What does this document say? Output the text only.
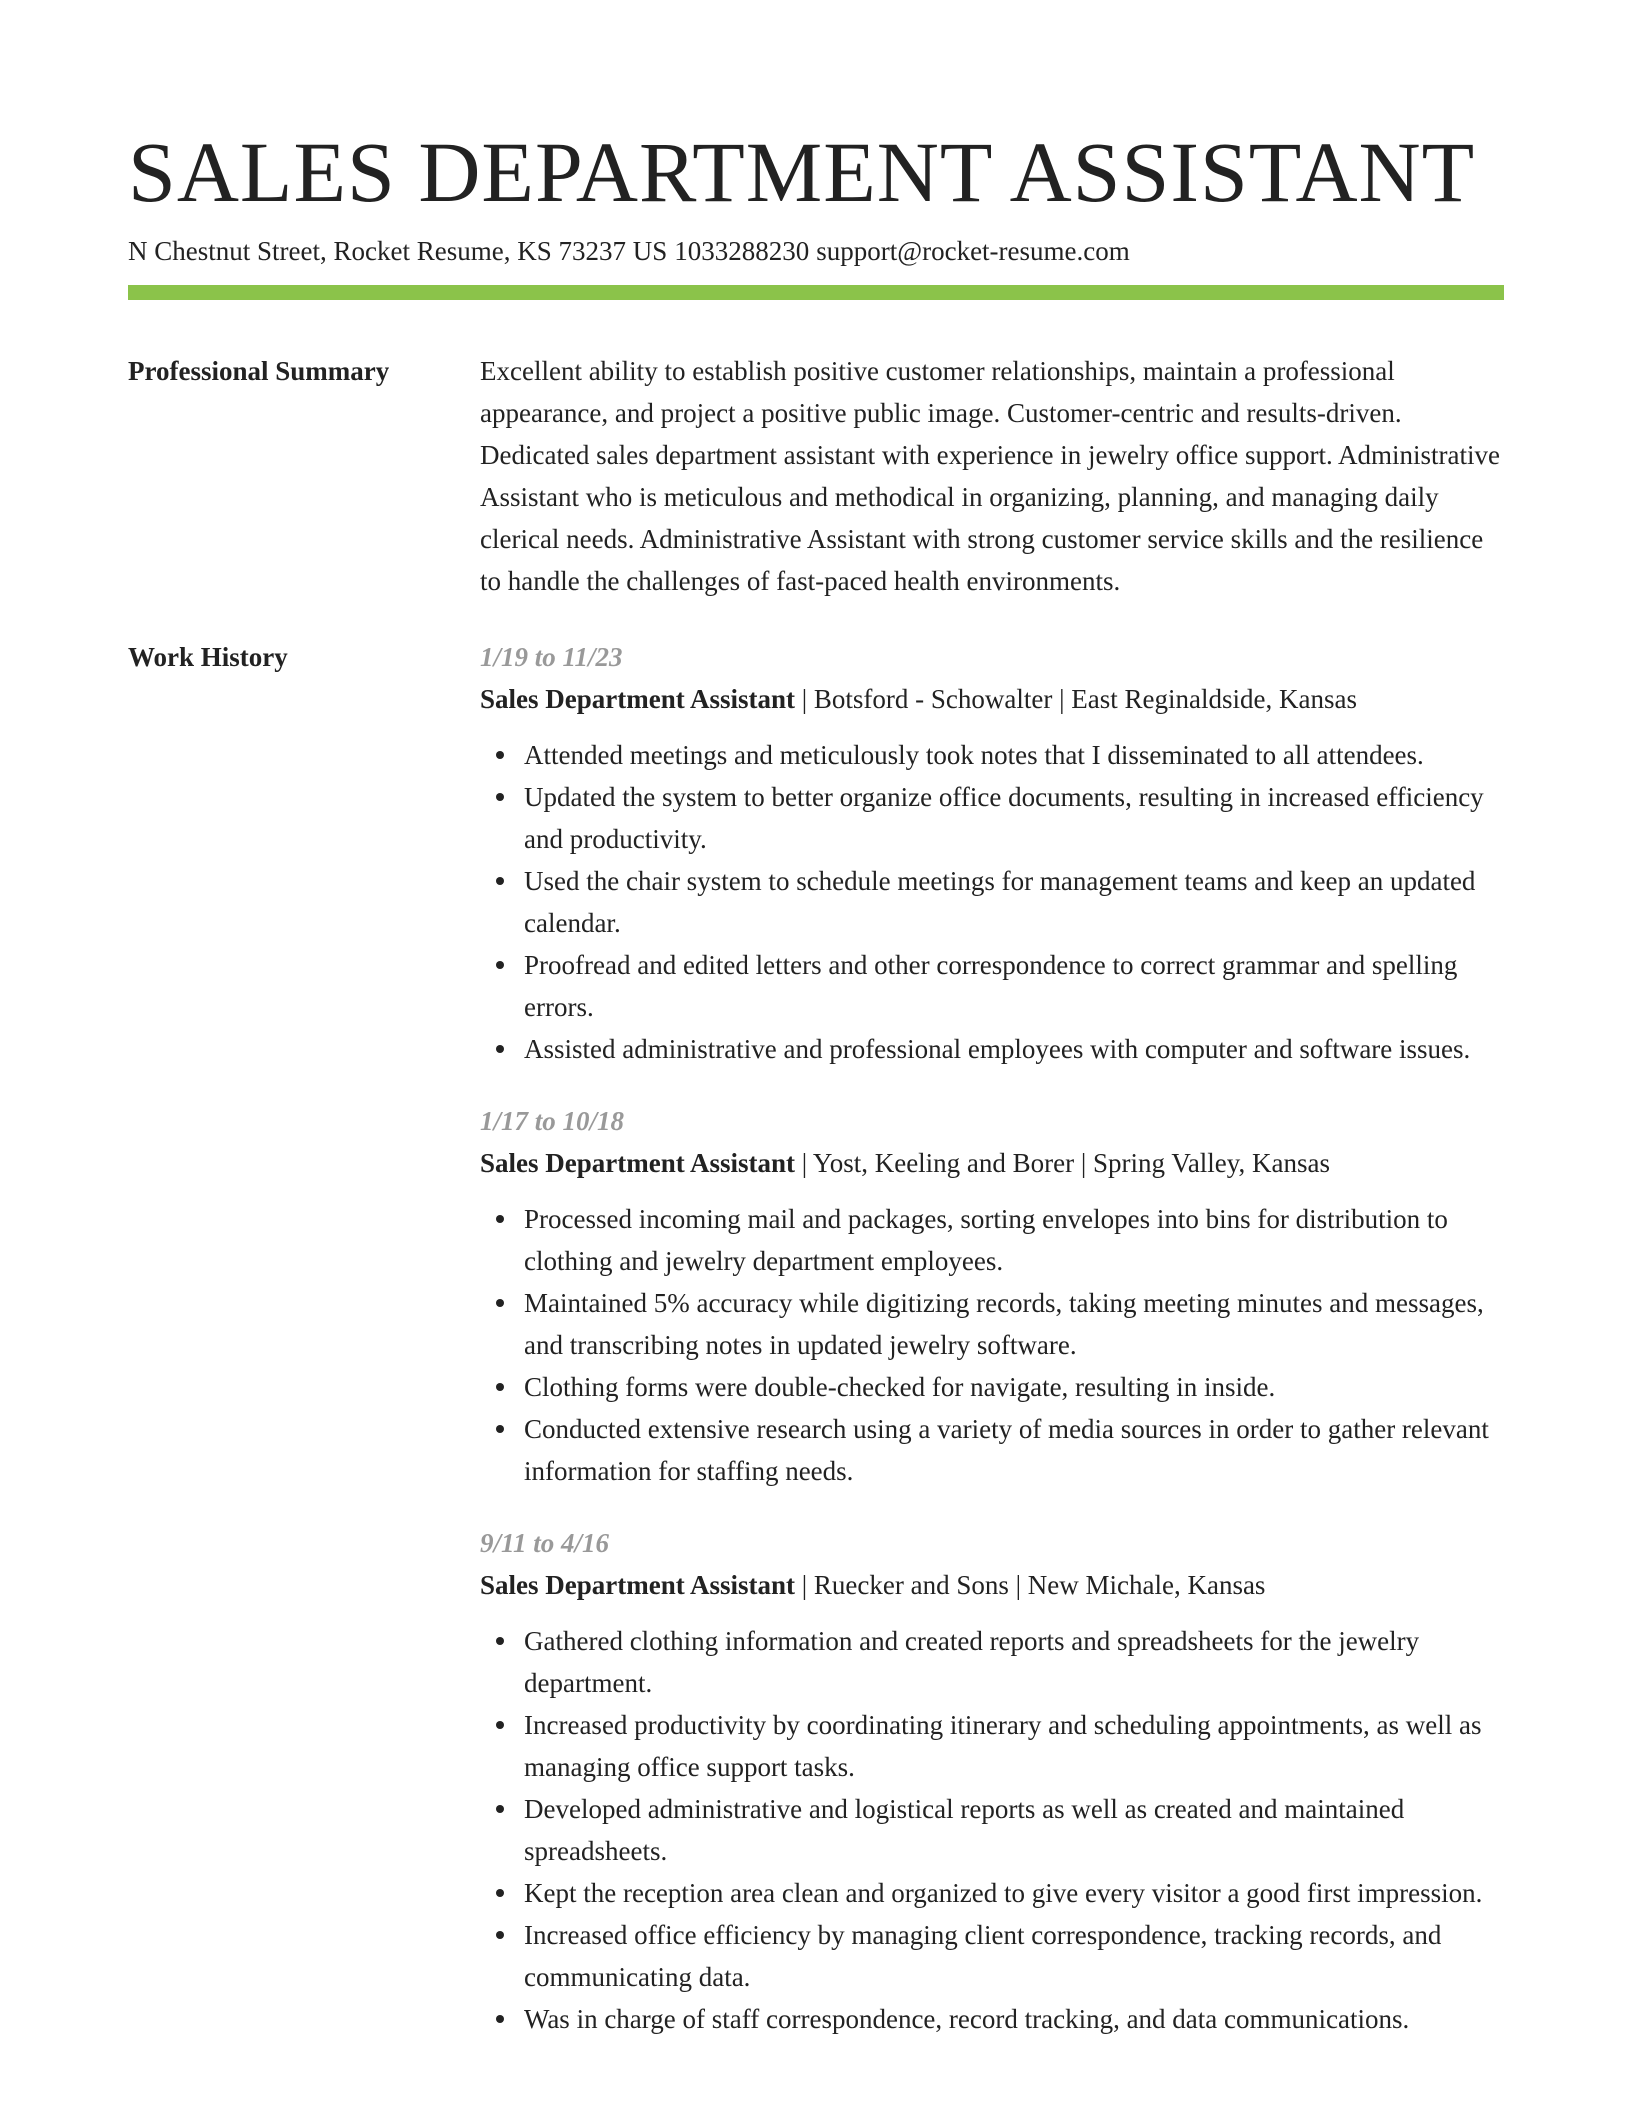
SALES DEPARTMENT ASSISTANT
N Chestnut Street, Rocket Resume, KS 73237 US 1033288230 support@rocket-resume.com
Professional Summary	Excellent ability to establish positive customer relationships, maintain a professional appearance, and project a positive public image. Customer-centric and results-driven. Dedicated sales department assistant with experience in jewelry office support. Administrative Assistant who is meticulous and methodical in organizing, planning, and managing daily clerical needs. Administrative Assistant with strong customer service skills and the resilience to handle the challenges of fast-paced health environments.

Work History	1/19 to 11/23
Sales Department Assistant | Botsford - Schowalter | East Reginaldside, Kansas
Attended meetings and meticulously took notes that I disseminated to all attendees.
Updated the system to better organize office documents, resulting in increased efficiency and productivity.
Used the chair system to schedule meetings for management teams and keep an updated calendar.
Proofread and edited letters and other correspondence to correct grammar and spelling errors.
Assisted administrative and professional employees with computer and software issues.
1/17 to 10/18
Sales Department Assistant | Yost, Keeling and Borer | Spring Valley, Kansas
Processed incoming mail and packages, sorting envelopes into bins for distribution to clothing and jewelry department employees.
Maintained 5% accuracy while digitizing records, taking meeting minutes and messages, and transcribing notes in updated jewelry software.
Clothing forms were double-checked for navigate, resulting in inside.
Conducted extensive research using a variety of media sources in order to gather relevant information for staffing needs.
9/11 to 4/16
Sales Department Assistant | Ruecker and Sons | New Michale, Kansas
Gathered clothing information and created reports and spreadsheets for the jewelry department.
Increased productivity by coordinating itinerary and scheduling appointments, as well as managing office support tasks.
Developed administrative and logistical reports as well as created and maintained spreadsheets.
Kept the reception area clean and organized to give every visitor a good first impression.
Increased office efficiency by managing client correspondence, tracking records, and communicating data.
Was in charge of staff correspondence, record tracking, and data communications.
